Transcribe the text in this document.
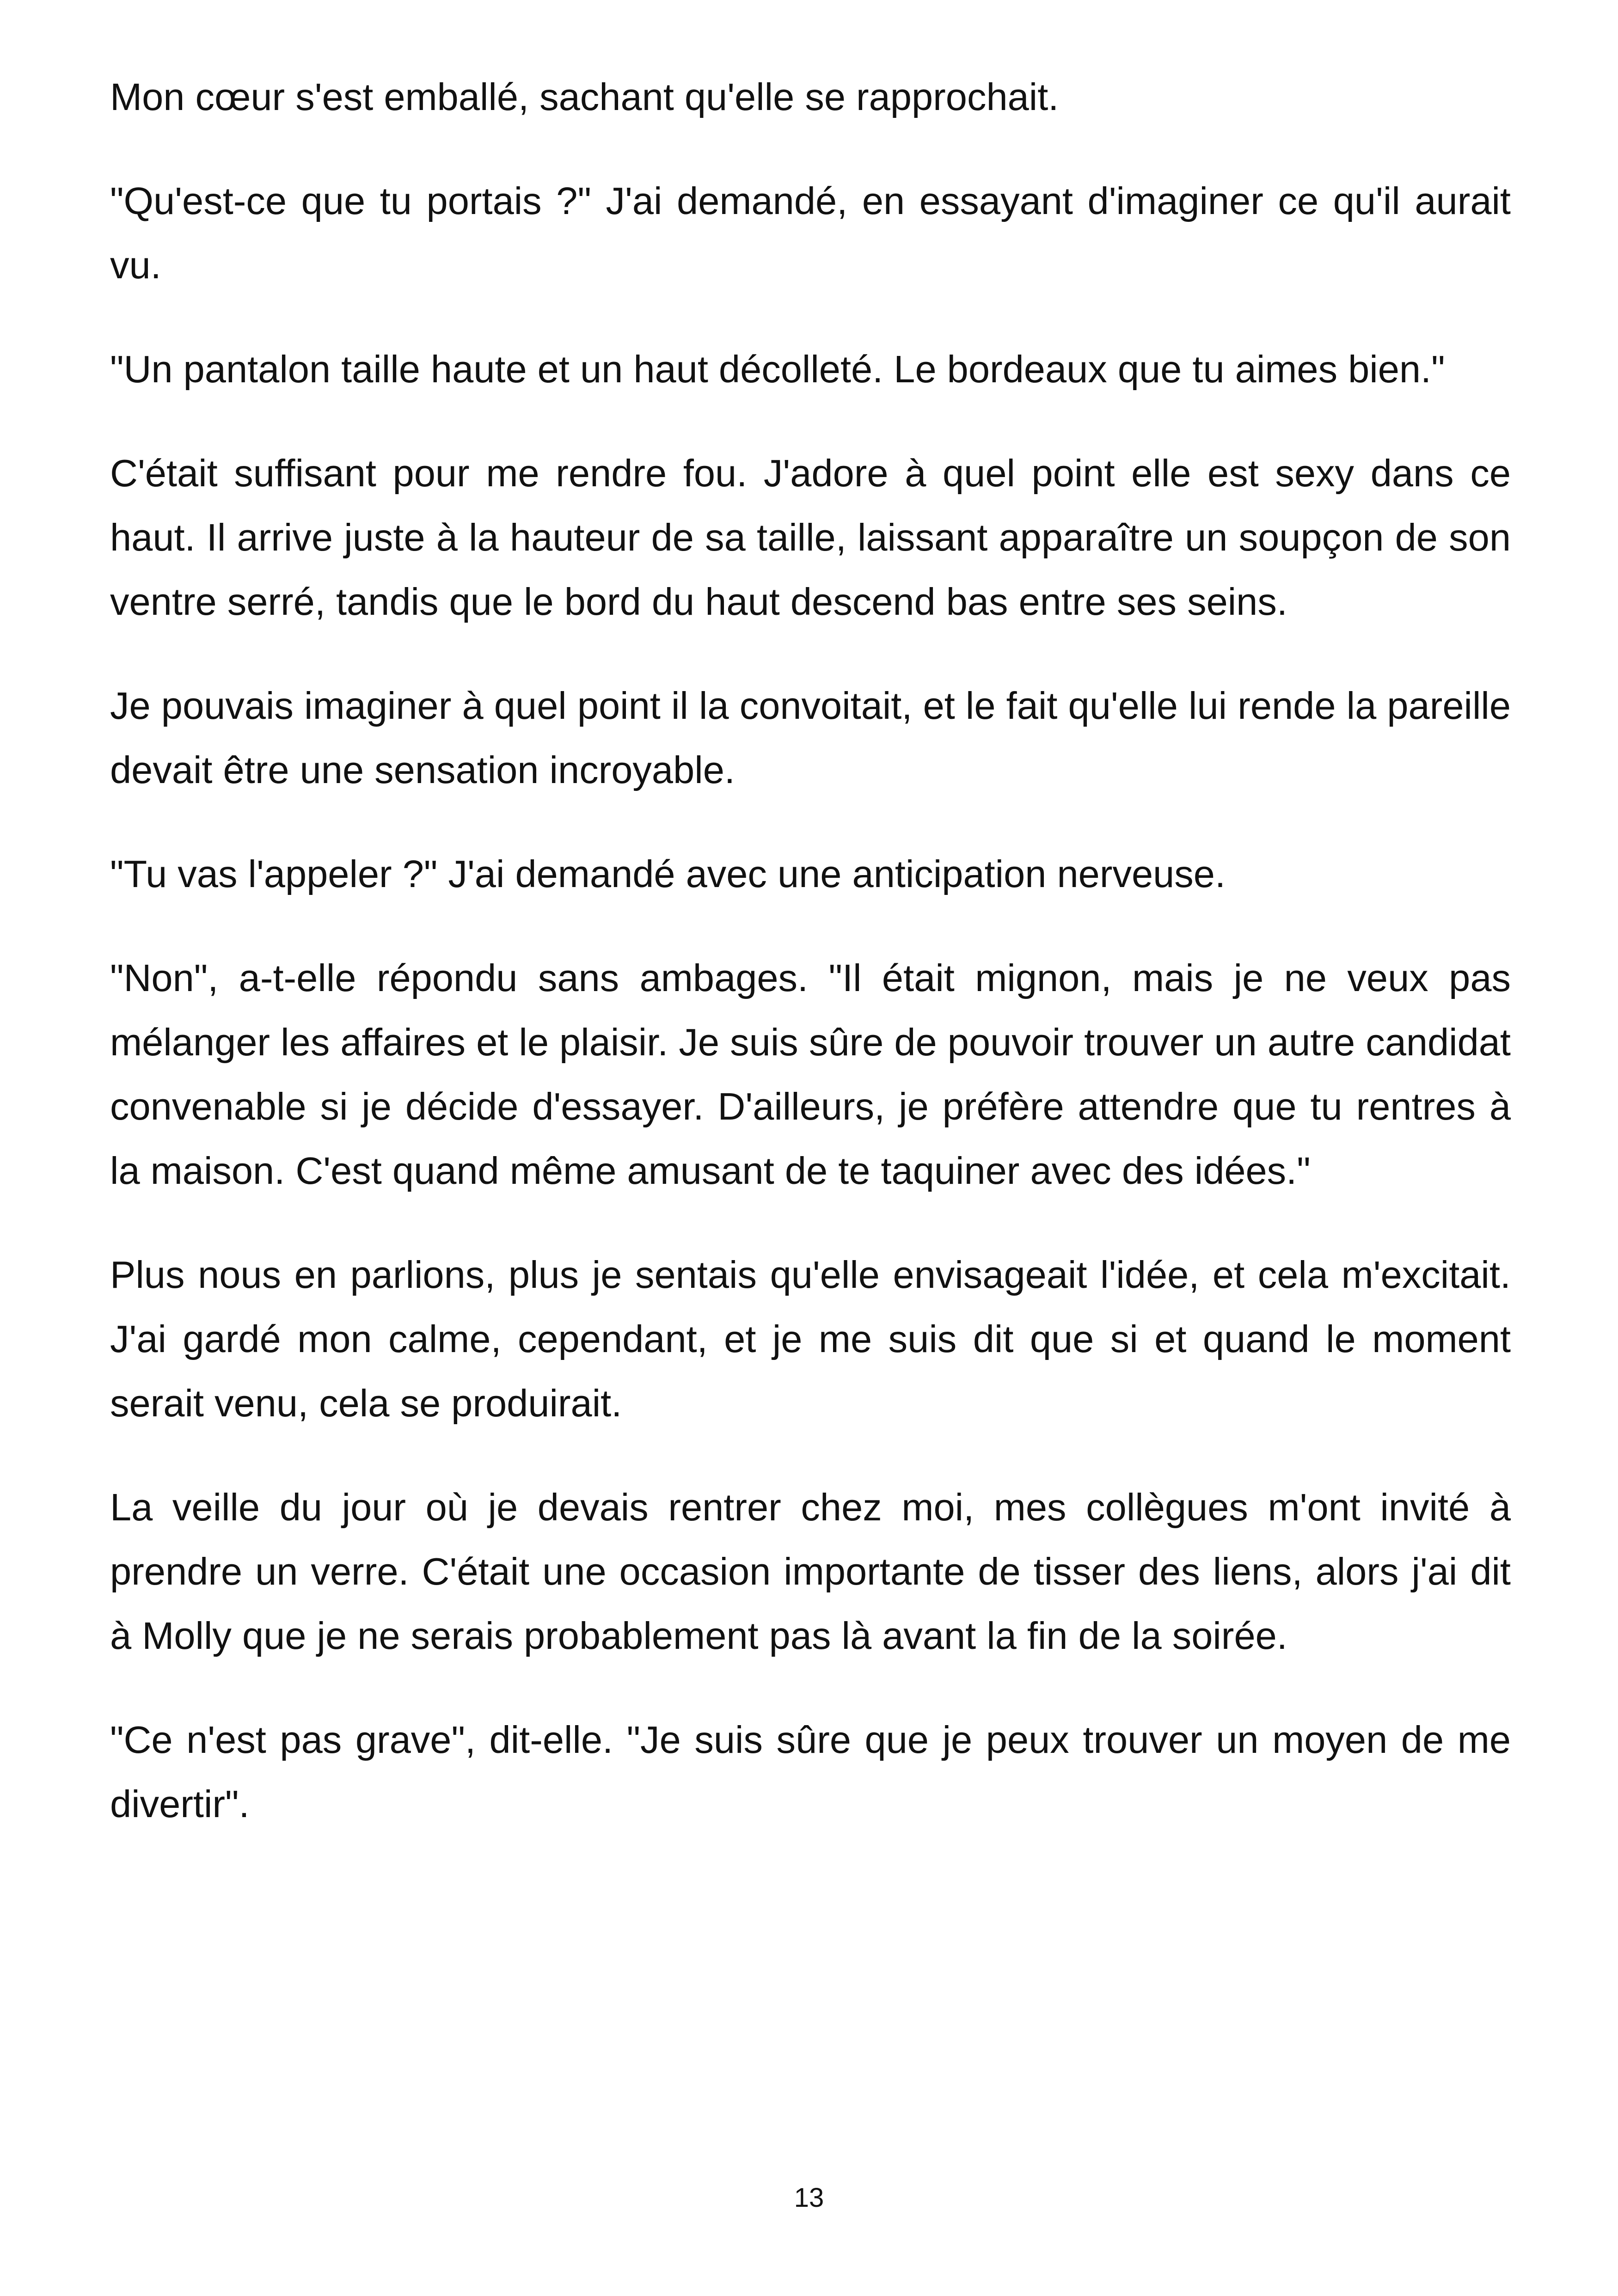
Mon cœur s'est emballé, sachant qu'elle se rapprochait.

"Qu'est-ce que tu portais ?" J'ai demandé, en essayant d'imaginer ce qu'il aurait vu.

"Un pantalon taille haute et un haut décolleté. Le bordeaux que tu aimes bien."

C'était suffisant pour me rendre fou. J'adore à quel point elle est sexy dans ce haut. Il arrive juste à la hauteur de sa taille, laissant apparaître un soupçon de son ventre serré, tandis que le bord du haut descend bas entre ses seins.

Je pouvais imaginer à quel point il la convoitait, et le fait qu'elle lui rende la pareille devait être une sensation incroyable.

"Tu vas l'appeler ?" J'ai demandé avec une anticipation nerveuse.

"Non", a-t-elle répondu sans ambages. "Il était mignon, mais je ne veux pas mélanger les affaires et le plaisir. Je suis sûre de pouvoir trouver un autre candidat convenable si je décide d'essayer. D'ailleurs, je préfère attendre que tu rentres à la maison. C'est quand même amusant de te taquiner avec des idées."

Plus nous en parlions, plus je sentais qu'elle envisageait l'idée, et cela m'excitait. J'ai gardé mon calme, cependant, et je me suis dit que si et quand le moment serait venu, cela se produirait.

La veille du jour où je devais rentrer chez moi, mes collègues m'ont invité à prendre un verre. C'était une occasion importante de tisser des liens, alors j'ai dit à Molly que je ne serais probablement pas là avant la fin de la soirée.

"Ce n'est pas grave", dit-elle. "Je suis sûre que je peux trouver un moyen de me divertir".

13
